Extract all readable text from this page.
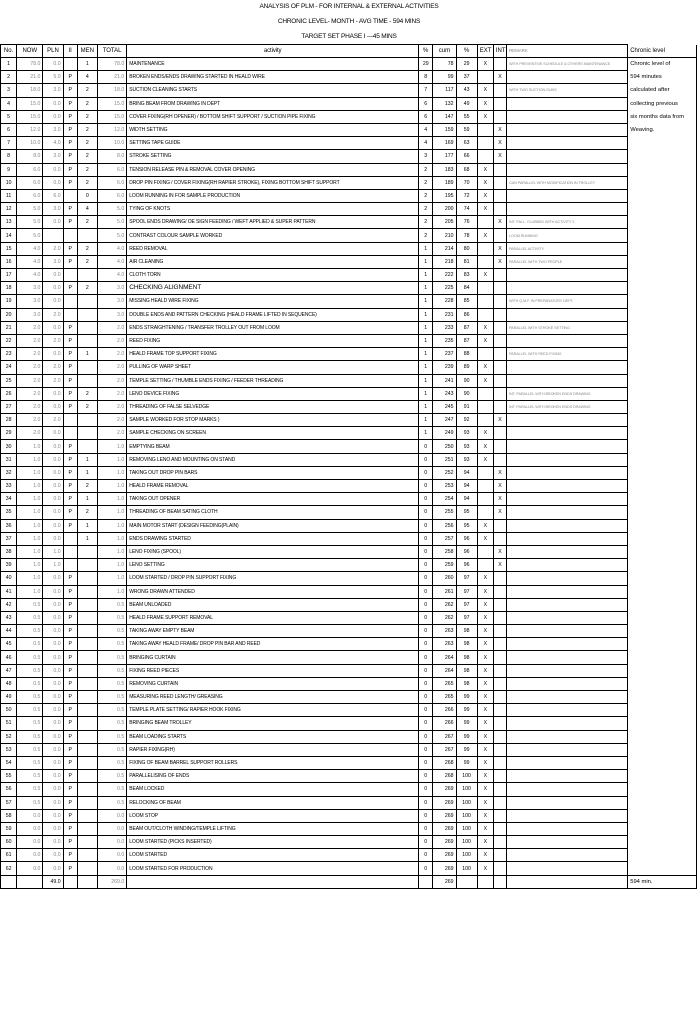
ANALYSIS OF PLM - FOR INTERNAL & EXTERNAL ACTIVITIES
CHRONIC LEVEL- MONTH - AVG TIME - 594 MINS
TARGET SET PHASE I ---45 MINS
No.	NOW	PLN	II	MEN	TOTAL	activity	%	cum	%	EXT	INT	REMARK	Chronic level
1	78.0	0.0		1	78.0	MAINTENANCE	29	78	29	X		WITH PREVENTIVE SCHEDULE & OTHERS MAINTENANCE	Chronic level of
2	21.0	5.0	P	4	21.0	BROKEN ENDS/ENDS DRAWING STARTED IN HEALD WIRE	8	99	37		X		594 minutes
3	18.0	3.0	P	2	18.0	SUCTION CLEANING STARTS	7	117	43	X		WITH TWO SUCTION GUNS	calculated after
4	15.0	0.0	P	2	15.0	BRING BEAM FROM DRAWING IN DEPT	6	132	49	X			collecting previous
5	15.0	0.0	P	2	15.0	COVER FIXING(RH OPENER) / BOTTOM SHIFT SUPPORT / SUCTION PIPE FIXING	6	147	55	X			six months data from
6	12.0	3.0	P	2	12.0	WIDTH SETTING	4	159	59		X		Weaving.
7	10.0	4.0	P	2	10.0	SETTING TAPE GUIDE	4	169	63		X		
8	8.0	3.0	P	2	8.0	STROKE SETTING	3	177	66		X		
9	6.0	0.0	P	2	6.0	TENSION RELEASE PIN & REMOVAL COVER OPENING	2	183	68	X			
10	6.0	0.0	P	2	6.0	DROP PIN FIXING / COVER FIXING(RH RAPIER STROKE), FIXING BOTTOM SHIFT SUPPORT	2	189	70	X		CAN PARALLEL WITH MODIFICATION IN TROLLEY	
11	6.0	6.0		0	6.0	LOOM RUNNING IN FOR SAMPLE PRODUCTION	2	195	72	X			
12	5.0	3.0	P	4	5.0	TYING OF KNOTS	2	200	74	X			
13	5.0	0.0	P	2	5.0	SPOOL ENDS DRAWING/ OE SIGN FEEDING / WEFT APPLIED & SUPER PATTERN	2	205	76		X	INT. PALL. CLUBBED WITH ACTIVITY 2	
14	5.0				5.0	CONTRAST COLOUR SAMPLE WORKED	2	210	78	X		LOOM RUNNING	
15	4.0	2.0	P	2	4.0	REED REMOVAL	1	214	80		X	PARALLEL ACTIVITY	
16	4.0	3.0	P	2	4.0	AIR CLEANING	1	218	81		X	PARALLEL WITH TWO PEOPLE	
17	4.0	0.0			4.0	CLOTH TORN	1	222	83	X			
18	3.0	0.0	P	2	3.0	CHECKING ALIGNMENT	1	225	84				
19	3.0	0.0			3.0	MISSING HEALD WIRE FIXING	1	228	85			WITH Q.M.F. IN PREPARATORY DEPT.	
20	3.0	2.0			3.0	DOUBLE ENDS AND PATTERN CHECKING (HEALD FRAME LIFTED IN SEQUENCE)	1	231	86				
21	2.0	0.0	P		2.0	ENDS STRAIGHTENING / TRANSFER TROLLEY OUT FROM LOOM	1	233	87	X		PARALLEL WITH STROKE SETTING	
22	2.0	2.0	P		2.0	REED FIXING	1	235	87	X			
23	2.0	0.0	P	1	2.0	HEALD FRAME TOP SUPPORT FIXING	1	237	88			PARALLEL WITH REED FIXING	
24	2.0	2.0	P		2.0	PULLING OF WARP SHEET	1	239	89	X			
25	2.0	2.0	P		2.0	TEMPLE SETTING / THUMBLE ENDS FIXING / FEEDER THREADING	1	241	90	X			
26	2.0	0.0	P	2	2.0	LENO DEVICE FIXING	1	243	90			INT. PARALLEL WITH BROKEN ENDS DRAWING	
27	2.0	0.0	P	2	2.0	THREADING OF FALSE SELVEDGE	1	245	91			INT. PARALLEL WITH BROKEN ENDS DRAWING	
28	2.0	2.0			2.0	SAMPLE WORKED FOR STOP MARKS )	1	247	92		X		
29	2.0	0.0			2.0	SAMPLE CHECKING ON SCREEN	1	249	93	X			
30	1.0	0.0	P		1.0	EMPTYING BEAM	0	250	93	X			
31	1.0	0.0	P	1	1.0	REMOVING LENO AND MOUNTING ON STAND	0	251	93	X			
32	1.0	0.0	P	1	1.0	TAKING OUT DROP PIN BARS	0	252	94		X		
33	1.0	0.0	P	2	1.0	HEALD FRAME REMOVAL	0	253	94		X		
34	1.0	0.0	P	1	1.0	TAKING OUT OPENER	0	254	94		X		
35	1.0	0.0	P	2	1.0	THREADING OF BEAM SATING CLOTH	0	255	95		X		
36	1.0	0.0	P	1	1.0	MAIN MOTOR START (DESIGN FEEDING(PLAIN)	0	256	95	X			
37	1.0	0.0		1	1.0	ENDS DRAWING STARTED	0	257	96	X			
38	1.0	1.0			1.0	LENO FIXING (SPOOL)	0	258	96		X		
39	1.0	1.0			1.0	LENO SETTING	0	259	96		X		
40	1.0	0.0	P		1.0	LOOM STARTED / DROP PIN SUPPORT FIXING	0	260	97	X			
41	1.0	0.0	P		1.0	WRONG DRAWN ATTENDED	0	261	97	X			
42	0.5	0.0	P		0.5	BEAM UNLOADED	0	262	97	X			
43	0.5	0.0	P		0.5	HEALD FRAME SUPPORT REMOVAL	0	262	97	X			
44	0.5	0.0	P		0.5	TAKING AWAY EMPTY BEAM	0	263	98	X			
45	0.5	0.0	P		0.5	TAKING AWAY HEALD FRAME/ DROP PIN BAR AND REED	0	263	98	X			
46	0.5	0.0	P		0.5	BRINGING CURTAIN	0	264	98	X			
47	0.5	0.0	P		0.5	FIXING REED PIECES	0	264	98	X			
48	0.5	0.0	P		0.5	REMOVING CURTAIN	0	265	98	X			
49	0.5	0.0	P		0.5	MEASURING REED LENGTH/ GREASING	0	265	99	X			
50	0.5	0.0	P		0.5	TEMPLE PLATE SETTING/ RAPIER HOOK FIXING	0	266	99	X			
51	0.5	0.0	P		0.5	BRINGING BEAM TROLLEY	0	266	99	X			
52	0.5	0.0	P		0.5	BEAM LOADING STARTS	0	267	99	X			
53	0.5	0.0	P		0.5	RAPIER FIXING(RH)	0	267	99	X			
54	0.5	0.0	P		0.5	FIXING OF BEAM BARREL SUPPORT ROLLERS	0	268	99	X			
55	0.5	0.0	P		0.5	PARALLELISING OF ENDS	0	268	100	X			
56	0.5	0.0	P		0.5	BEAM LOCKED	0	269	100	X			
57	0.5	0.0	P		0.5	RELOCKING OF BEAM	0	269	100	X			
58	0.0	0.0	P		0.0	LOOM STOP	0	269	100	X			
59	0.0	0.0	P		0.0	BEAM OUT/CLOTH WINDING/TEMPLE LIFTING	0	269	100	X			
60	0.0	0.0	P		0.0	LOOM STARTED (PICKS INSERTED)	0	269	100	X			
61	0.0	0.0	P		0.0	LOOM STARTED	0	269	100	X			
62	0.0	0.0	P		0.0	LOOM STARTED FOR PRODUCTION	0	269	100	X			
		49.0			269.0			269					594 min.
